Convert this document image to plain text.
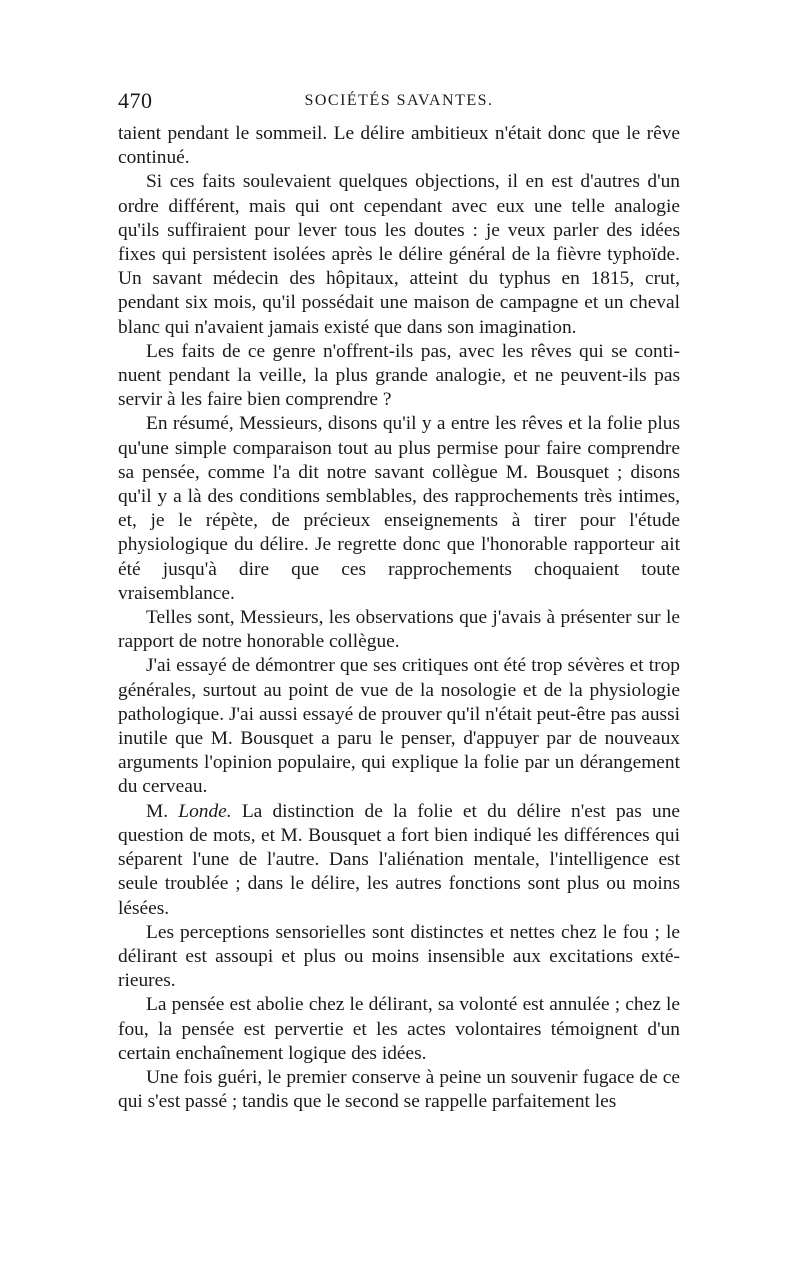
470	SOCIÉTÉS SAVANTES.

taient pendant le sommeil. Le délire ambitieux n'était donc que le rêve continué.

Si ces faits soulevaient quelques objections, il en est d'autres d'un ordre différent, mais qui ont cependant avec eux une telle analogie qu'ils suffiraient pour lever tous les doutes : je veux parler des idées fixes qui persistent isolées après le délire général de la fièvre typhoïde. Un savant médecin des hôpitaux, atteint du typhus en 1815, crut, pendant six mois, qu'il possédait une maison de campagne et un cheval blanc qui n'avaient jamais existé que dans son imagination.

Les faits de ce genre n'offrent-ils pas, avec les rêves qui se continuent pendant la veille, la plus grande analogie, et ne peuvent-ils pas servir à les faire bien comprendre ?

En résumé, Messieurs, disons qu'il y a entre les rêves et la folie plus qu'une simple comparaison tout au plus permise pour faire comprendre sa pensée, comme l'a dit notre savant collègue M. Bousquet ; disons qu'il y a là des conditions semblables, des rapprochements très intimes, et, je le répète, de précieux enseignements à tirer pour l'étude physiologique du délire. Je regrette donc que l'honorable rapporteur ait été jusqu'à dire que ces rapprochements choquaient toute vraisemblance.

Telles sont, Messieurs, les observations que j'avais à présenter sur le rapport de notre honorable collègue.

J'ai essayé de démontrer que ses critiques ont été trop sévères et trop générales, surtout au point de vue de la nosologie et de la physiologie pathologique. J'ai aussi essayé de prouver qu'il n'était peut-être pas aussi inutile que M. Bousquet a paru le penser, d'appuyer par de nouveaux arguments l'opinion populaire, qui explique la folie par un dérangement du cerveau.

M. Londe. La distinction de la folie et du délire n'est pas une question de mots, et M. Bousquet a fort bien indiqué les différences qui séparent l'une de l'autre. Dans l'aliénation mentale, l'intelligence est seule troublée ; dans le délire, les autres fonctions sont plus ou moins lésées.

Les perceptions sensorielles sont distinctes et nettes chez le fou ; le délirant est assoupi et plus ou moins insensible aux excitations extérieures.

La pensée est abolie chez le délirant, sa volonté est annulée ; chez le fou, la pensée est pervertie et les actes volontaires témoignent d'un certain enchaînement logique des idées.

Une fois guéri, le premier conserve à peine un souvenir fugace de ce qui s'est passé ; tandis que le second se rappelle parfaitement les
